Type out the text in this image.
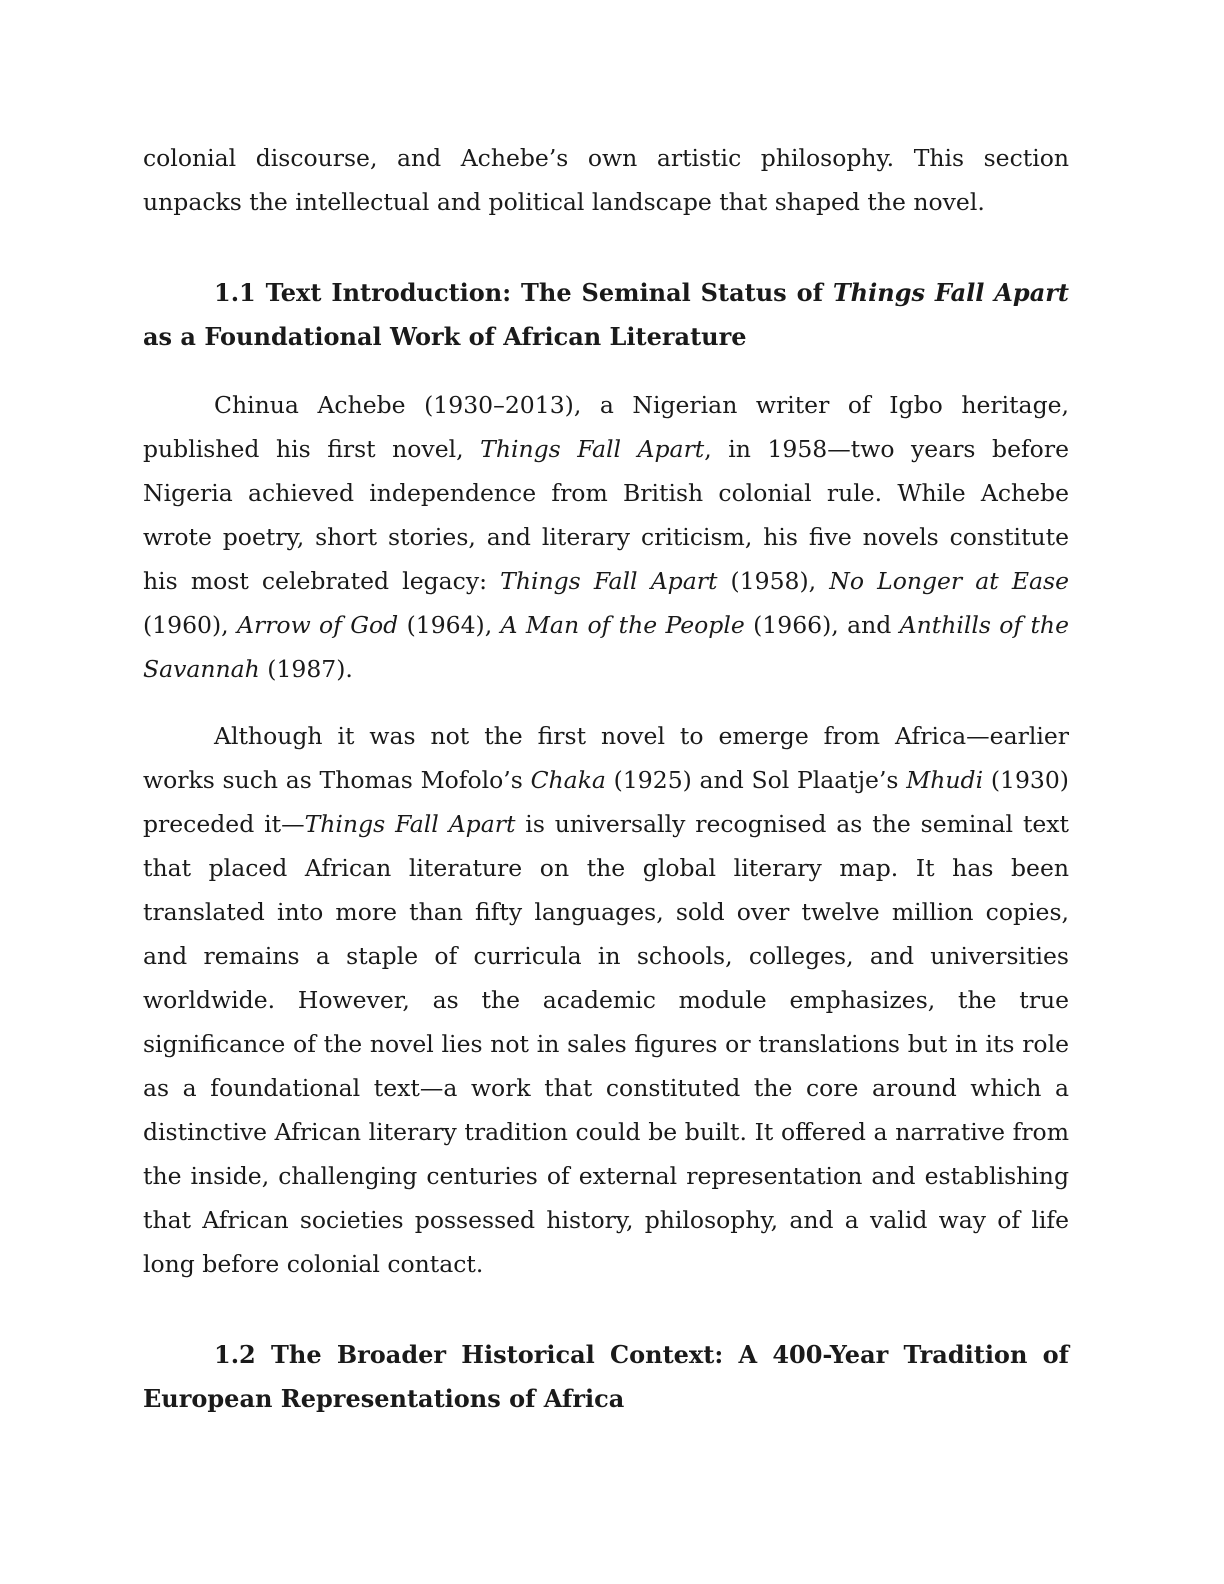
colonial discourse, and Achebe’s own artistic philosophy. This section unpacks the intellectual and political landscape that shaped the novel.

1.1 Text Introduction: The Seminal Status of Things Fall Apart as a Foundational Work of African Literature

Chinua Achebe (1930–2013), a Nigerian writer of Igbo heritage, published his first novel, Things Fall Apart, in 1958—two years before Nigeria achieved independence from British colonial rule. While Achebe wrote poetry, short stories, and literary criticism, his five novels constitute his most celebrated legacy: Things Fall Apart (1958), No Longer at Ease (1960), Arrow of God (1964), A Man of the People (1966), and Anthills of the Savannah (1987).

Although it was not the first novel to emerge from Africa—earlier works such as Thomas Mofolo’s Chaka (1925) and Sol Plaatje’s Mhudi (1930) preceded it—Things Fall Apart is universally recognised as the seminal text that placed African literature on the global literary map. It has been translated into more than fifty languages, sold over twelve million copies, and remains a staple of curricula in schools, colleges, and universities worldwide. However, as the academic module emphasizes, the true significance of the novel lies not in sales figures or translations but in its role as a foundational text—a work that constituted the core around which a distinctive African literary tradition could be built. It offered a narrative from the inside, challenging centuries of external representation and establishing that African societies possessed history, philosophy, and a valid way of life long before colonial contact.

1.2 The Broader Historical Context: A 400-Year Tradition of European Representations of Africa
